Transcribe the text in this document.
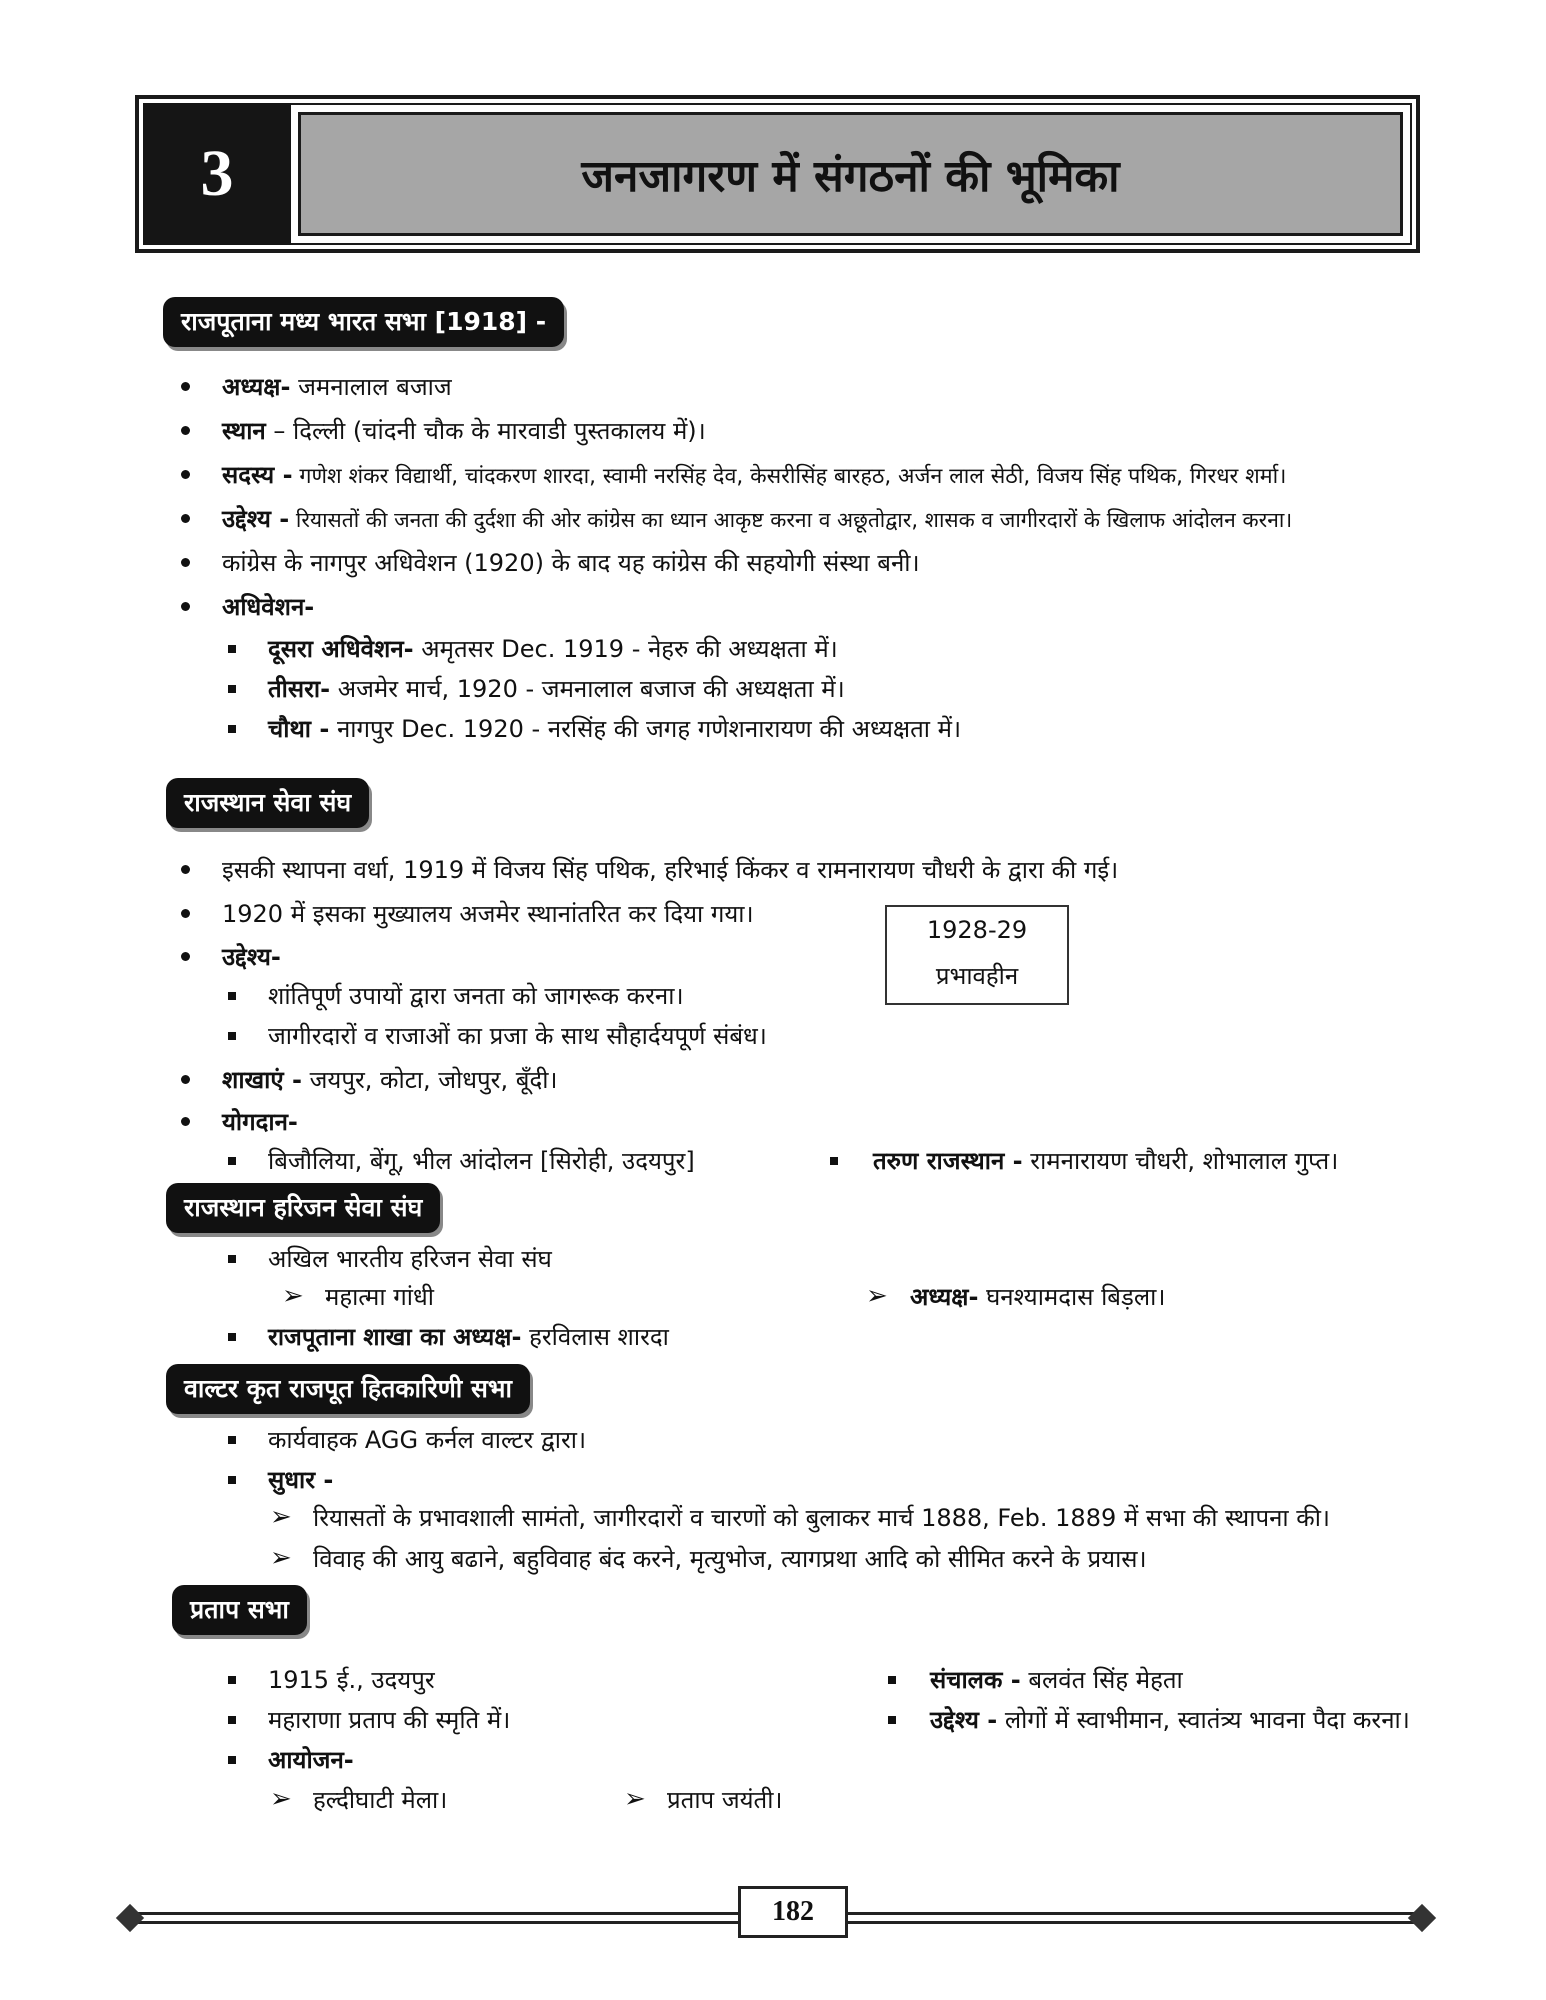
3	जनजागरण में संगठनों की भूमिका
राजपूताना मध्य भारत सभा [1918] -
अध्यक्ष- जमनालाल बजाज
स्थान – दिल्ली (चांदनी चौक के मारवाडी पुस्तकालय में)।
सदस्य - गणेश शंकर विद्यार्थी, चांदकरण शारदा, स्वामी नरसिंह देव, केसरीसिंह बारहठ, अर्जन लाल सेठी, विजय सिंह पथिक, गिरधर शर्मा।
उद्देश्य - रियासतों की जनता की दुर्दशा की ओर कांग्रेस का ध्यान आकृष्ट करना व अछूतोद्वार, शासक व जागीरदारों के खिलाफ आंदोलन करना।
कांग्रेस के नागपुर अधिवेशन (1920) के बाद यह कांग्रेस की सहयोगी संस्था बनी।
अधिवेशन-
दूसरा अधिवेशन- अमृतसर Dec. 1919 - नेहरु की अध्यक्षता में।
तीसरा- अजमेर मार्च, 1920 - जमनालाल बजाज की अध्यक्षता में।
चौथा - नागपुर Dec. 1920 - नरसिंह की जगह गणेशनारायण की अध्यक्षता में।
राजस्थान सेवा संघ
इसकी स्थापना वर्धा, 1919 में विजय सिंह पथिक, हरिभाई किंकर व रामनारायण चौधरी के द्वारा की गई।
1920 में इसका मुख्यालय अजमेर स्थानांतरित कर दिया गया।
1928-29
प्रभावहीन
उद्देश्य-
शांतिपूर्ण उपायों द्वारा जनता को जागरूक करना।
जागीरदारों व राजाओं का प्रजा के साथ सौहार्दयपूर्ण संबंध।
शाखाएं - जयपुर, कोटा, जोधपुर, बूँदी।
योगदान-
बिजौलिया, बेंगू, भील आंदोलन [सिरोही, उदयपुर]	तरुण राजस्थान - रामनारायण चौधरी, शोभालाल गुप्त।
राजस्थान हरिजन सेवा संघ
अखिल भारतीय हरिजन सेवा संघ
➢ महात्मा गांधी	➢ अध्यक्ष- घनश्यामदास बिड़ला।
राजपूताना शाखा का अध्यक्ष- हरविलास शारदा
वाल्टर कृत राजपूत हितकारिणी सभा
कार्यवाहक AGG कर्नल वाल्टर द्वारा।
सुधार -
➢ रियासतों के प्रभावशाली सामंतो, जागीरदारों व चारणों को बुलाकर मार्च 1888, Feb. 1889 में सभा की स्थापना की।
➢ विवाह की आयु बढाने, बहुविवाह बंद करने, मृत्युभोज, त्यागप्रथा आदि को सीमित करने के प्रयास।
प्रताप सभा
1915 ई., उदयपुर	संचालक - बलवंत सिंह मेहता
महाराणा प्रताप की स्मृति में।	उद्देश्य - लोगों में स्वाभीमान, स्वातंत्र्य भावना पैदा करना।
आयोजन-
➢ हल्दीघाटी मेला।	➢ प्रताप जयंती।
182
